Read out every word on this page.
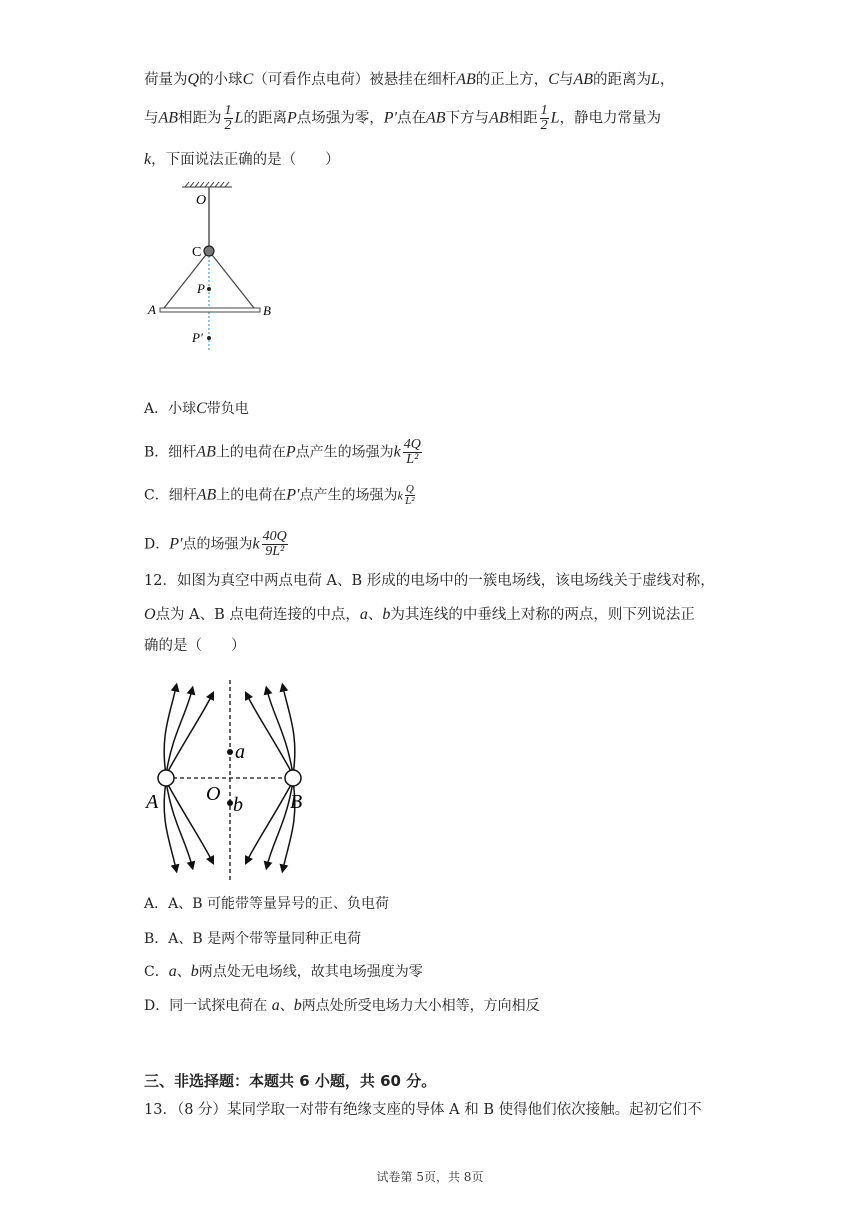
荷量为Q的小球C（可看作点电荷）被悬挂在细杆AB的正上方，C与AB的距离为L，
与AB相距为 $\frac{1}{2}$ L的距离P点场强为零，P′点在AB下方与AB相距 $\frac{1}{2}$ L，静电力常量为
k，下面说法正确的是（　　）
O
C
P
A	B
P′
A．小球C带负电
B．细杆AB上的电荷在P点产生的场强为k $\frac{4Q}{\text{L²}}$
C．细杆AB上的电荷在P′点产生的场强为k $\frac{Q}{\text{L²}}$
D．P′点的场强为k $\frac{40Q}{\text{9L²}}$
12．如图为真空中两点电荷 A、B 形成的电场中的一簇电场线，该电场线关于虚线对称，
O点为 A、B 点电荷连接的中点，a、b为其连线的中垂线上对称的两点，则下列说法正
确的是（　　）
a
b
A	B
O
A．A、B 可能带等量异号的正、负电荷
B．A、B 是两个带等量同种正电荷
C．a、b两点处无电场线，故其电场强度为零
D．同一试探电荷在 a、b两点处所受电场力大小相等，方向相反
三、非选择题：本题共 6 小题，共 60 分。
13．（8 分）某同学取一对带有绝缘支座的导体 A 和 B 使得他们依次接触。起初它们不
试卷第 5页，共 8页
